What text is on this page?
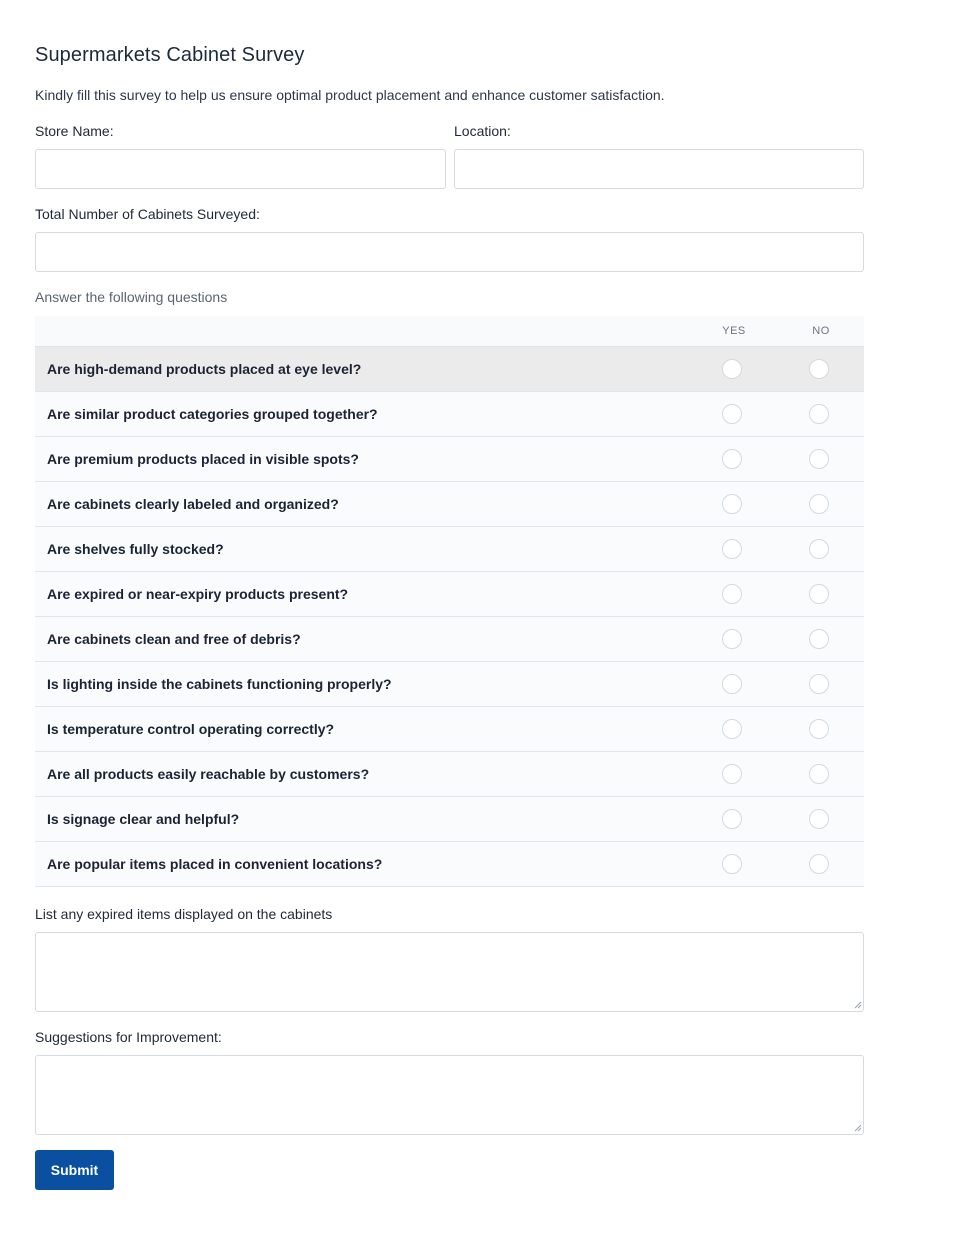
Supermarkets Cabinet Survey
Kindly fill this survey to help us ensure optimal product placement and enhance customer satisfaction.
Store Name:	Location:
Total Number of Cabinets Surveyed:
Answer the following questions
YES	NO
Are high-demand products placed at eye level?
Are similar product categories grouped together?
Are premium products placed in visible spots?
Are cabinets clearly labeled and organized?
Are shelves fully stocked?
Are expired or near-expiry products present?
Are cabinets clean and free of debris?
Is lighting inside the cabinets functioning properly?
Is temperature control operating correctly?
Are all products easily reachable by customers?
Is signage clear and helpful?
Are popular items placed in convenient locations?
List any expired items displayed on the cabinets
Suggestions for Improvement:
Submit
